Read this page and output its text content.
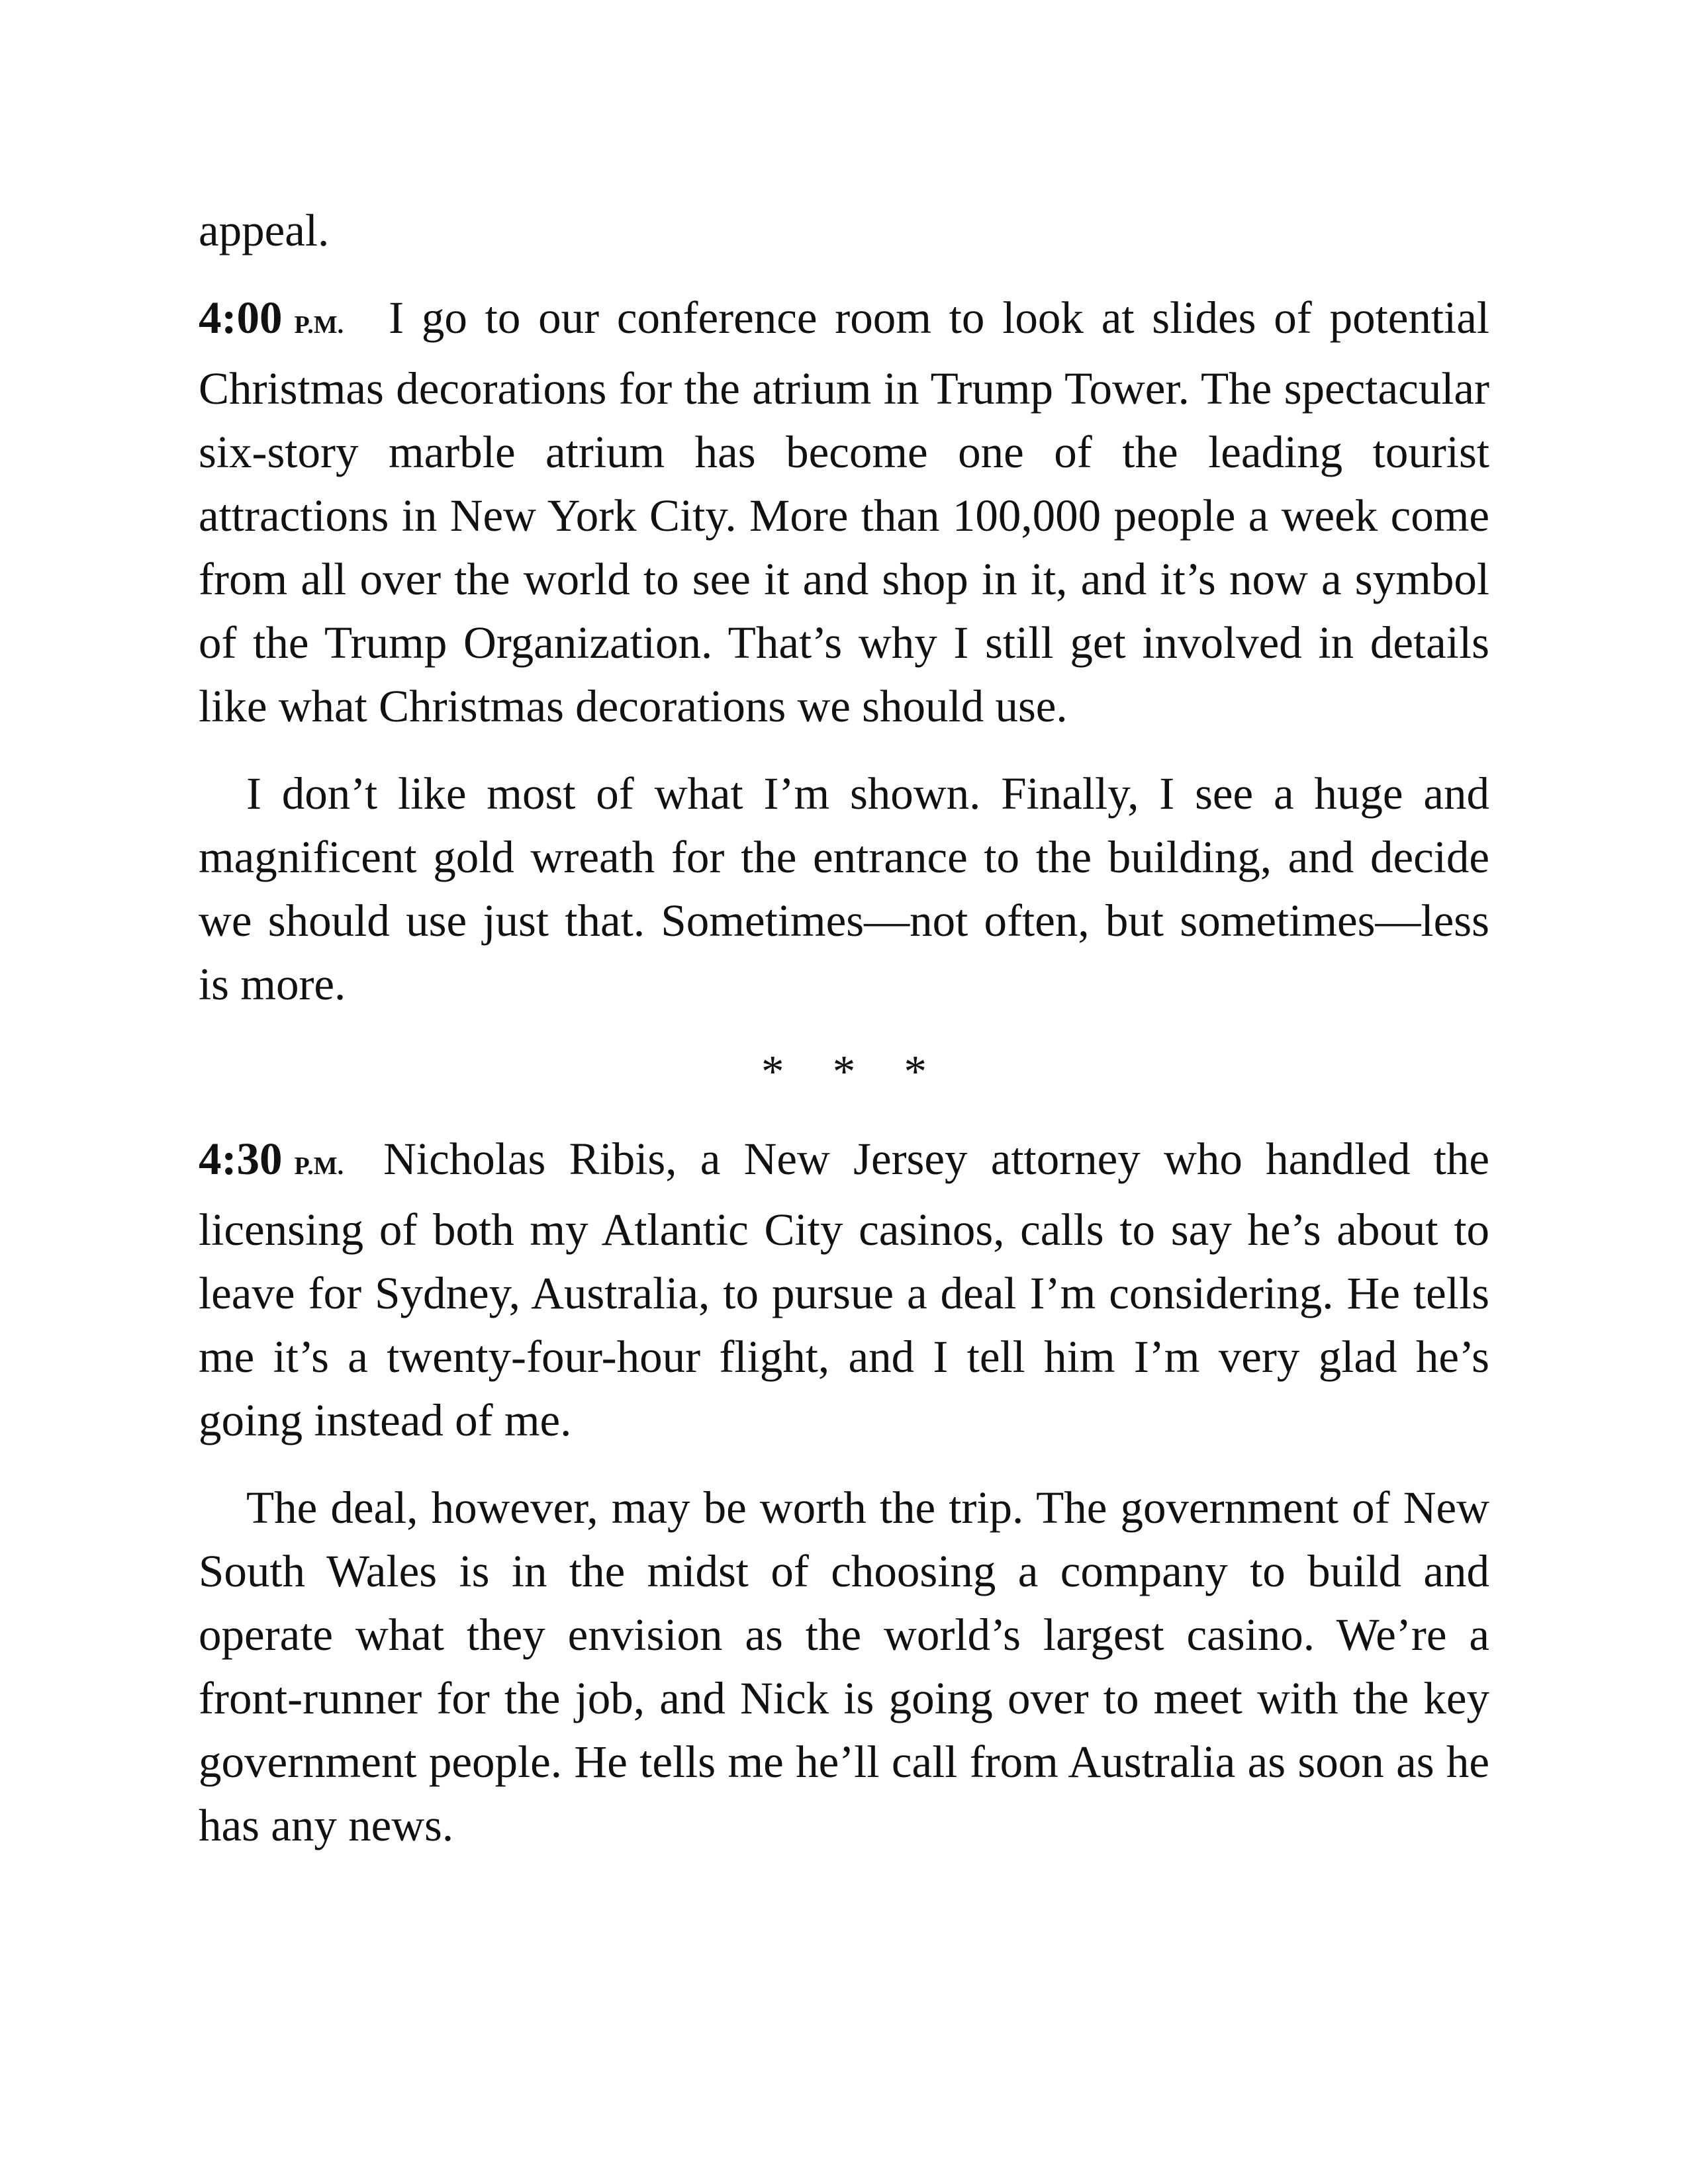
appeal.

4:00 P.M. I go to our conference room to look at slides of potential Christmas decorations for the atrium in Trump Tower. The spectacular six-story marble atrium has become one of the leading tourist attractions in New York City. More than 100,000 people a week come from all over the world to see it and shop in it, and it’s now a symbol of the Trump Organization. That’s why I still get involved in details like what Christmas decorations we should use.

I don’t like most of what I’m shown. Finally, I see a huge and magnificent gold wreath for the entrance to the building, and decide we should use just that. Sometimes—not often, but sometimes—less is more.

* * *

4:30 P.M. Nicholas Ribis, a New Jersey attorney who handled the licensing of both my Atlantic City casinos, calls to say he’s about to leave for Sydney, Australia, to pursue a deal I’m considering. He tells me it’s a twenty-four-hour flight, and I tell him I’m very glad he’s going instead of me.

The deal, however, may be worth the trip. The government of New South Wales is in the midst of choosing a company to build and operate what they envision as the world’s largest casino. We’re a front-runner for the job, and Nick is going over to meet with the key government people. He tells me he’ll call from Australia as soon as he has any news.
